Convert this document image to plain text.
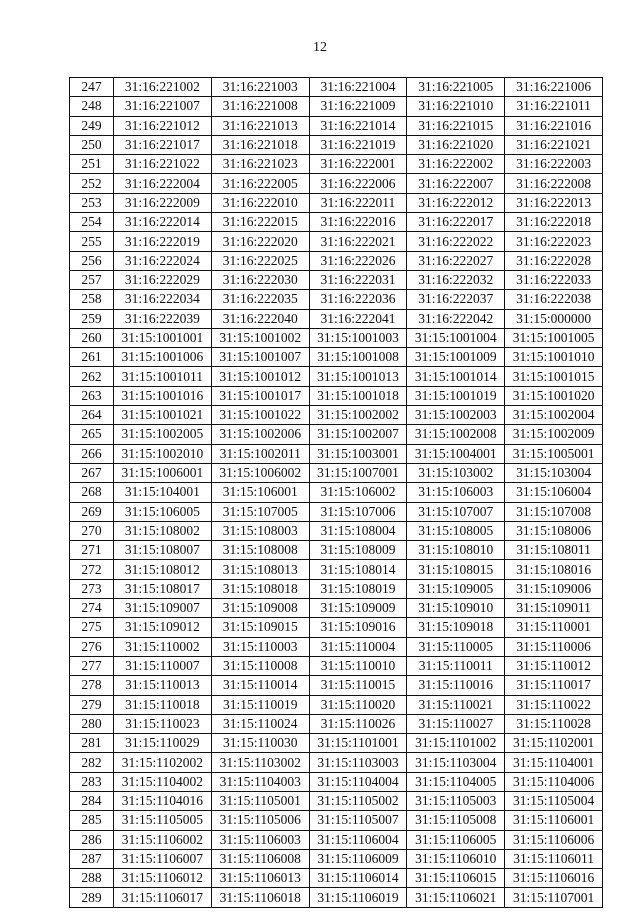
12
247	31:16:221002	31:16:221003	31:16:221004	31:16:221005	31:16:221006
248	31:16:221007	31:16:221008	31:16:221009	31:16:221010	31:16:221011
249	31:16:221012	31:16:221013	31:16:221014	31:16:221015	31:16:221016
250	31:16:221017	31:16:221018	31:16:221019	31:16:221020	31:16:221021
251	31:16:221022	31:16:221023	31:16:222001	31:16:222002	31:16:222003
252	31:16:222004	31:16:222005	31:16:222006	31:16:222007	31:16:222008
253	31:16:222009	31:16:222010	31:16:222011	31:16:222012	31:16:222013
254	31:16:222014	31:16:222015	31:16:222016	31:16:222017	31:16:222018
255	31:16:222019	31:16:222020	31:16:222021	31:16:222022	31:16:222023
256	31:16:222024	31:16:222025	31:16:222026	31:16:222027	31:16:222028
257	31:16:222029	31:16:222030	31:16:222031	31:16:222032	31:16:222033
258	31:16:222034	31:16:222035	31:16:222036	31:16:222037	31:16:222038
259	31:16:222039	31:16:222040	31:16:222041	31:16:222042	31:15:000000
260	31:15:1001001	31:15:1001002	31:15:1001003	31:15:1001004	31:15:1001005
261	31:15:1001006	31:15:1001007	31:15:1001008	31:15:1001009	31:15:1001010
262	31:15:1001011	31:15:1001012	31:15:1001013	31:15:1001014	31:15:1001015
263	31:15:1001016	31:15:1001017	31:15:1001018	31:15:1001019	31:15:1001020
264	31:15:1001021	31:15:1001022	31:15:1002002	31:15:1002003	31:15:1002004
265	31:15:1002005	31:15:1002006	31:15:1002007	31:15:1002008	31:15:1002009
266	31:15:1002010	31:15:1002011	31:15:1003001	31:15:1004001	31:15:1005001
267	31:15:1006001	31:15:1006002	31:15:1007001	31:15:103002	31:15:103004
268	31:15:104001	31:15:106001	31:15:106002	31:15:106003	31:15:106004
269	31:15:106005	31:15:107005	31:15:107006	31:15:107007	31:15:107008
270	31:15:108002	31:15:108003	31:15:108004	31:15:108005	31:15:108006
271	31:15:108007	31:15:108008	31:15:108009	31:15:108010	31:15:108011
272	31:15:108012	31:15:108013	31:15:108014	31:15:108015	31:15:108016
273	31:15:108017	31:15:108018	31:15:108019	31:15:109005	31:15:109006
274	31:15:109007	31:15:109008	31:15:109009	31:15:109010	31:15:109011
275	31:15:109012	31:15:109015	31:15:109016	31:15:109018	31:15:110001
276	31:15:110002	31:15:110003	31:15:110004	31:15:110005	31:15:110006
277	31:15:110007	31:15:110008	31:15:110010	31:15:110011	31:15:110012
278	31:15:110013	31:15:110014	31:15:110015	31:15:110016	31:15:110017
279	31:15:110018	31:15:110019	31:15:110020	31:15:110021	31:15:110022
280	31:15:110023	31:15:110024	31:15:110026	31:15:110027	31:15:110028
281	31:15:110029	31:15:110030	31:15:1101001	31:15:1101002	31:15:1102001
282	31:15:1102002	31:15:1103002	31:15:1103003	31:15:1103004	31:15:1104001
283	31:15:1104002	31:15:1104003	31:15:1104004	31:15:1104005	31:15:1104006
284	31:15:1104016	31:15:1105001	31:15:1105002	31:15:1105003	31:15:1105004
285	31:15:1105005	31:15:1105006	31:15:1105007	31:15:1105008	31:15:1106001
286	31:15:1106002	31:15:1106003	31:15:1106004	31:15:1106005	31:15:1106006
287	31:15:1106007	31:15:1106008	31:15:1106009	31:15:1106010	31:15:1106011
288	31:15:1106012	31:15:1106013	31:15:1106014	31:15:1106015	31:15:1106016
289	31:15:1106017	31:15:1106018	31:15:1106019	31:15:1106021	31:15:1107001
